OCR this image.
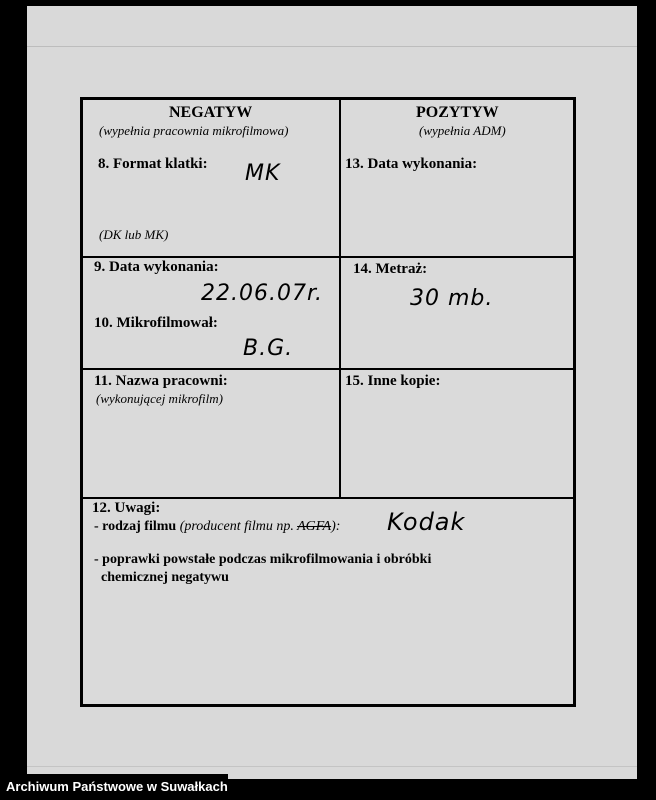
NEGATYW
(wypełnia pracownia mikrofilmowa)
POZYTYW
(wypełnia ADM)
8. Format klatki: MK
(DK lub MK)
13. Data wykonania:
9. Data wykonania:
22.06.07r.
14. Metraż:
30 mb.
10. Mikrofilmował:
B.G.
11. Nazwa pracowni:
(wykonującej mikrofilm)
15. Inne kopie:
12. Uwagi:
- rodzaj filmu (producent filmu np. AGFA): Kodak
- poprawki powstałe podczas mikrofilmowania i obróbki
chemicznej negatywu
Archiwum Państwowe w Suwałkach
